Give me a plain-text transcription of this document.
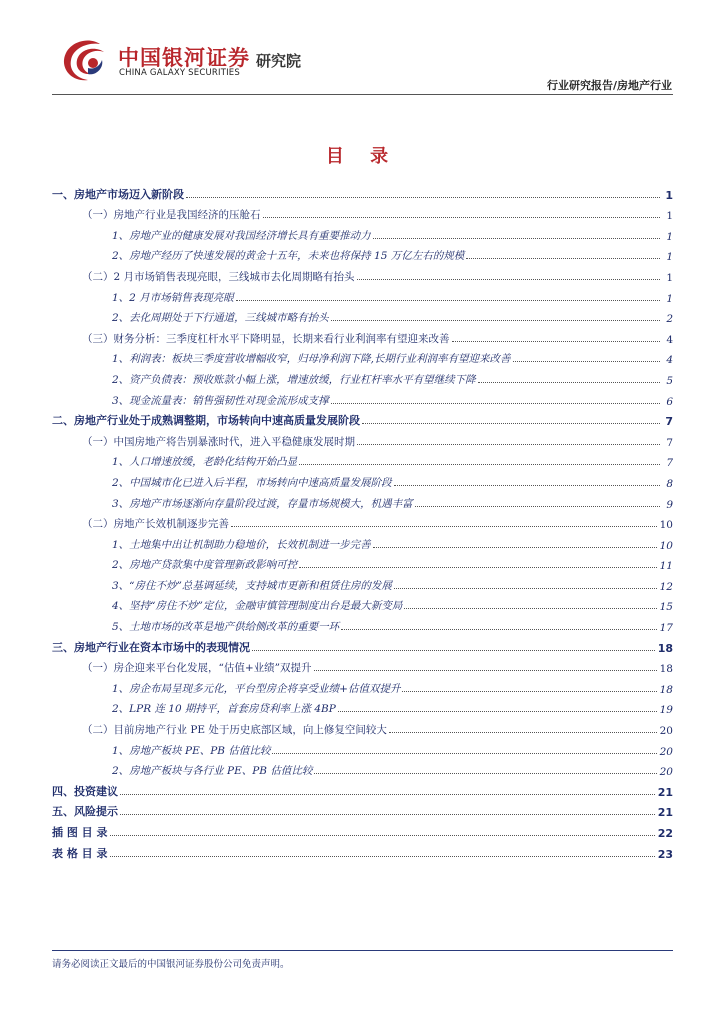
中国银河证券
CHINA GALAXY SECURITIES
研究院
行业研究报告/房地产行业
目 录
一、房地产市场迈入新阶段	1
（一）房地产行业是我国经济的压舱石	1
1、房地产业的健康发展对我国经济增长具有重要推动力	1
2、房地产经历了快速发展的黄金十五年，未来也将保持 15 万亿左右的规模	1
（二）2 月市场销售表现亮眼，三线城市去化周期略有抬头	1
1、2 月市场销售表现亮眼	1
2、去化周期处于下行通道，三线城市略有抬头	2
（三）财务分析：三季度杠杆水平下降明显，长期来看行业利润率有望迎来改善	4
1、利润表：板块三季度营收增幅收窄，归母净利润下降,长期行业利润率有望迎来改善	4
2、资产负债表：预收账款小幅上涨，增速放缓，行业杠杆率水平有望继续下降	5
3、现金流量表：销售强韧性对现金流形成支撑	6
二、房地产行业处于成熟调整期，市场转向中速高质量发展阶段	7
（一）中国房地产将告别暴涨时代，进入平稳健康发展时期	7
1、人口增速放缓，老龄化结构开始凸显	7
2、中国城市化已进入后半程，市场转向中速高质量发展阶段	8
3、房地产市场逐渐向存量阶段过渡，存量市场规模大，机遇丰富	9
（二）房地产长效机制逐步完善	10
1、土地集中出让机制助力稳地价，长效机制进一步完善	10
2、房地产贷款集中度管理新政影响可控	11
3、“房住不炒”总基调延续，支持城市更新和租赁住房的发展	12
4、坚持“房住不炒”定位，金融审慎管理制度出台是最大新变局	15
5、土地市场的改革是地产供给侧改革的重要一环	17
三、房地产行业在资本市场中的表现情况	18
（一）房企迎来平台化发展，“估值+业绩”双提升	18
1、房企布局呈现多元化，平台型房企将享受业绩+估值双提升	18
2、LPR 连 10 期持平，首套房贷利率上涨 4BP	19
（二）目前房地产行业 PE 处于历史底部区域，向上修复空间较大	20
1、房地产板块 PE、PB 估值比较	20
2、房地产板块与各行业 PE、PB 估值比较	20
四、投资建议	21
五、风险提示	21
插 图 目 录	22
表 格 目 录	23
请务必阅读正文最后的中国银河证券股份公司免责声明。
